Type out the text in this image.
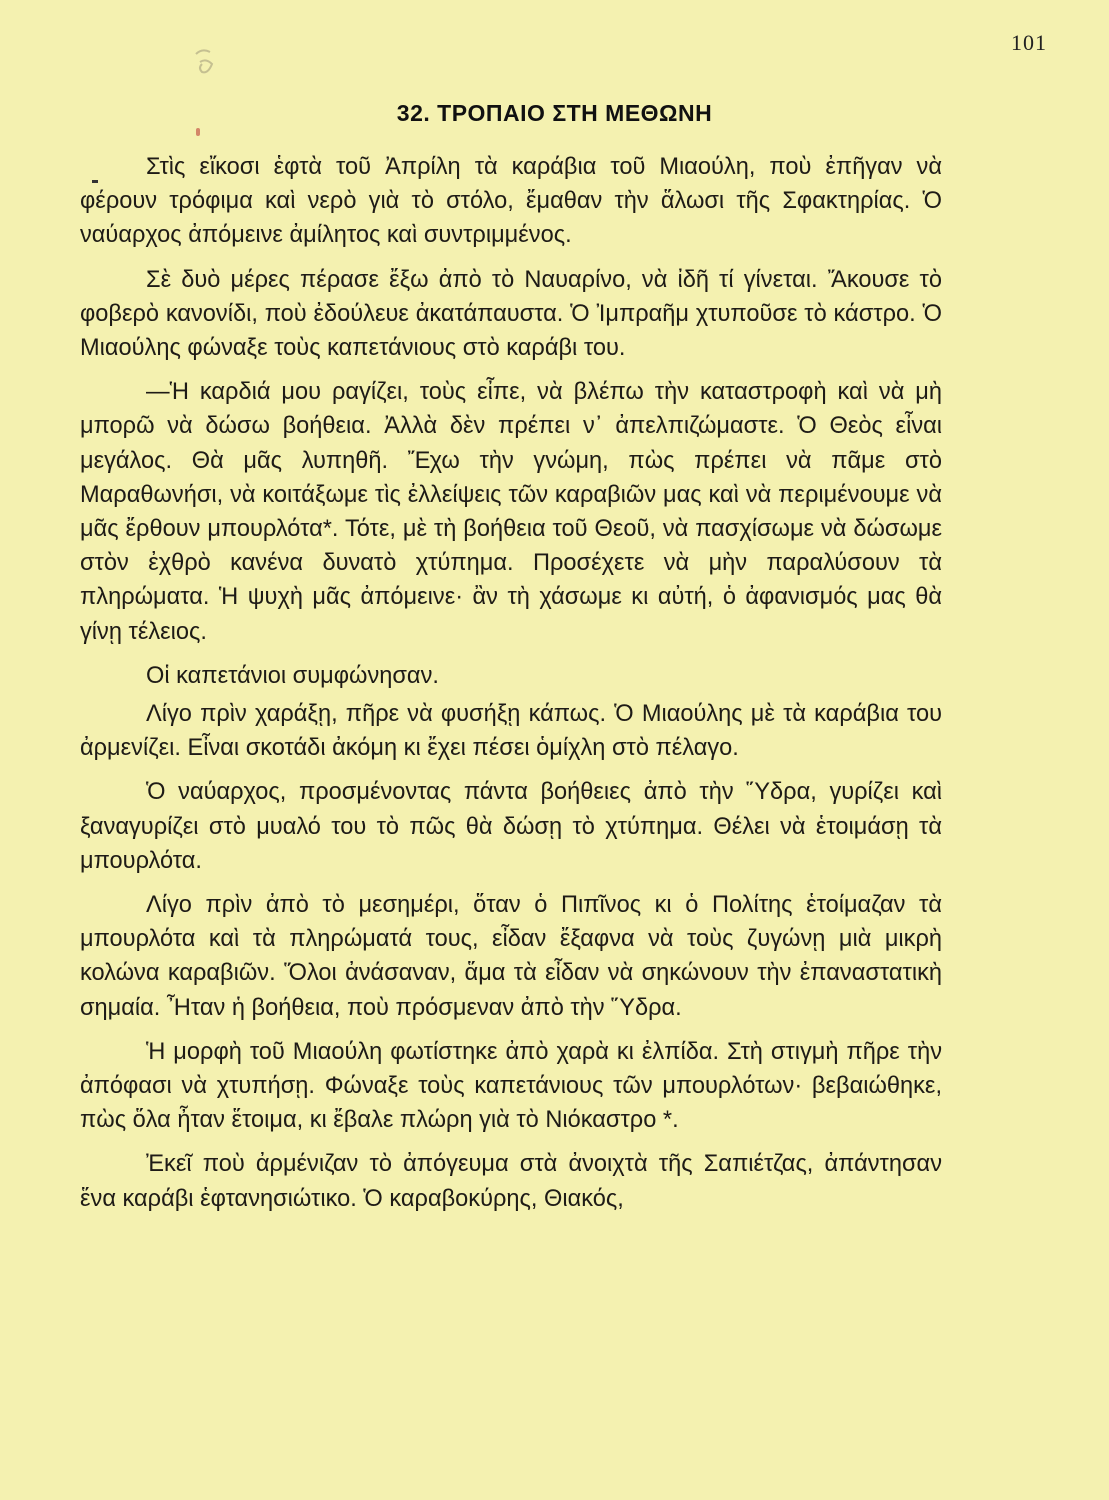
101
32. ΤΡΟΠΑΙΟ ΣΤΗ ΜΕΘΩΝΗ

Στὶς εἴκοσι ἑφτὰ τοῦ Ἀπρίλη τὰ καράβια τοῦ Μιαούλη, ποὺ ἐπῆγαν νὰ φέρουν τρόφιμα καὶ νερὸ γιὰ τὸ στόλο, ἔμαθαν τὴν ἅλωσι τῆς Σφακτηρίας. Ὁ ναύαρχος ἀπόμεινε ἀμίλητος καὶ συντριμμένος.

Σὲ δυὸ μέρες πέρασε ἔξω ἀπὸ τὸ Ναυαρίνο, νὰ ἰδῆ τί γίνεται. Ἄκουσε τὸ φοβερὸ κανονίδι, ποὺ ἐδούλευε ἀκατάπαυστα. Ὁ Ἰμπραῆμ χτυποῦσε τὸ κάστρο. Ὁ Μιαούλης φώναξε τοὺς καπετάνιους στὸ καράβι του.

—Ἡ καρδιά μου ραγίζει, τοὺς εἶπε, νὰ βλέπω τὴν καταστροφὴ καὶ νὰ μὴ μπορῶ νὰ δώσω βοήθεια. Ἀλλὰ δὲν πρέπει ν᾿ ἀπελπιζώμαστε. Ὁ Θεὸς εἶναι μεγάλος. Θὰ μᾶς λυπηθῆ. Ἔχω τὴν γνώμη, πὼς πρέπει νὰ πᾶμε στὸ Μαραθωνήσι, νὰ κοιτάξωμε τὶς ἐλλείψεις τῶν καραβιῶν μας καὶ νὰ περιμένουμε νὰ μᾶς ἔρθουν μπουρλότα*. Τότε, μὲ τὴ βοήθεια τοῦ Θεοῦ, νὰ πασχίσωμε νὰ δώσωμε στὸν ἐχθρὸ κανένα δυνατὸ χτύπημα. Προσέχετε νὰ μὴν παραλύσουν τὰ πληρώματα. Ἡ ψυχὴ μᾶς ἀπόμεινε· ἂν τὴ χάσωμε κι αὐτή, ὁ ἀφανισμός μας θὰ γίνῃ τέλειος.

Οἱ καπετάνιοι συμφώνησαν.

Λίγο πρὶν χαράξῃ, πῆρε νὰ φυσήξῃ κάπως. Ὁ Μιαούλης μὲ τὰ καράβια του ἀρμενίζει. Εἶναι σκοτάδι ἀκόμη κι ἔχει πέσει ὁμίχλη στὸ πέλαγο.

Ὁ ναύαρχος, προσμένοντας πάντα βοήθειες ἀπὸ τὴν Ὕδρα, γυρίζει καὶ ξαναγυρίζει στὸ μυαλό του τὸ πῶς θὰ δώσῃ τὸ χτύπημα. Θέλει νὰ ἑτοιμάσῃ τὰ μπουρλότα.

Λίγο πρὶν ἀπὸ τὸ μεσημέρι, ὅταν ὁ Πιπῖνος κι ὁ Πολίτης ἑτοίμαζαν τὰ μπουρλότα καὶ τὰ πληρώματά τους, εἶδαν ἔξαφνα νὰ τοὺς ζυγώνῃ μιὰ μικρὴ κολώνα καραβιῶν. Ὅλοι ἀνάσαναν, ἅμα τὰ εἶδαν νὰ σηκώνουν τὴν ἐπαναστατικὴ σημαία. Ἦταν ἡ βοήθεια, ποὺ πρόσμεναν ἀπὸ τὴν Ὕδρα.

Ἡ μορφὴ τοῦ Μιαούλη φωτίστηκε ἀπὸ χαρὰ κι ἐλπίδα. Στὴ στιγμὴ πῆρε τὴν ἀπόφασι νὰ χτυπήσῃ. Φώναξε τοὺς καπετάνιους τῶν μπουρλότων· βεβαιώθηκε, πὼς ὅλα ἦταν ἕτοιμα, κι ἔβαλε πλώρη γιὰ τὸ Νιόκαστρο *.

Ἐκεῖ ποὺ ἀρμένιζαν τὸ ἀπόγευμα στὰ ἀνοιχτὰ τῆς Σαπιέτζας, ἀπάντησαν ἕνα καράβι ἑφτανησιώτικο. Ὁ καραβοκύρης, Θιακός,
